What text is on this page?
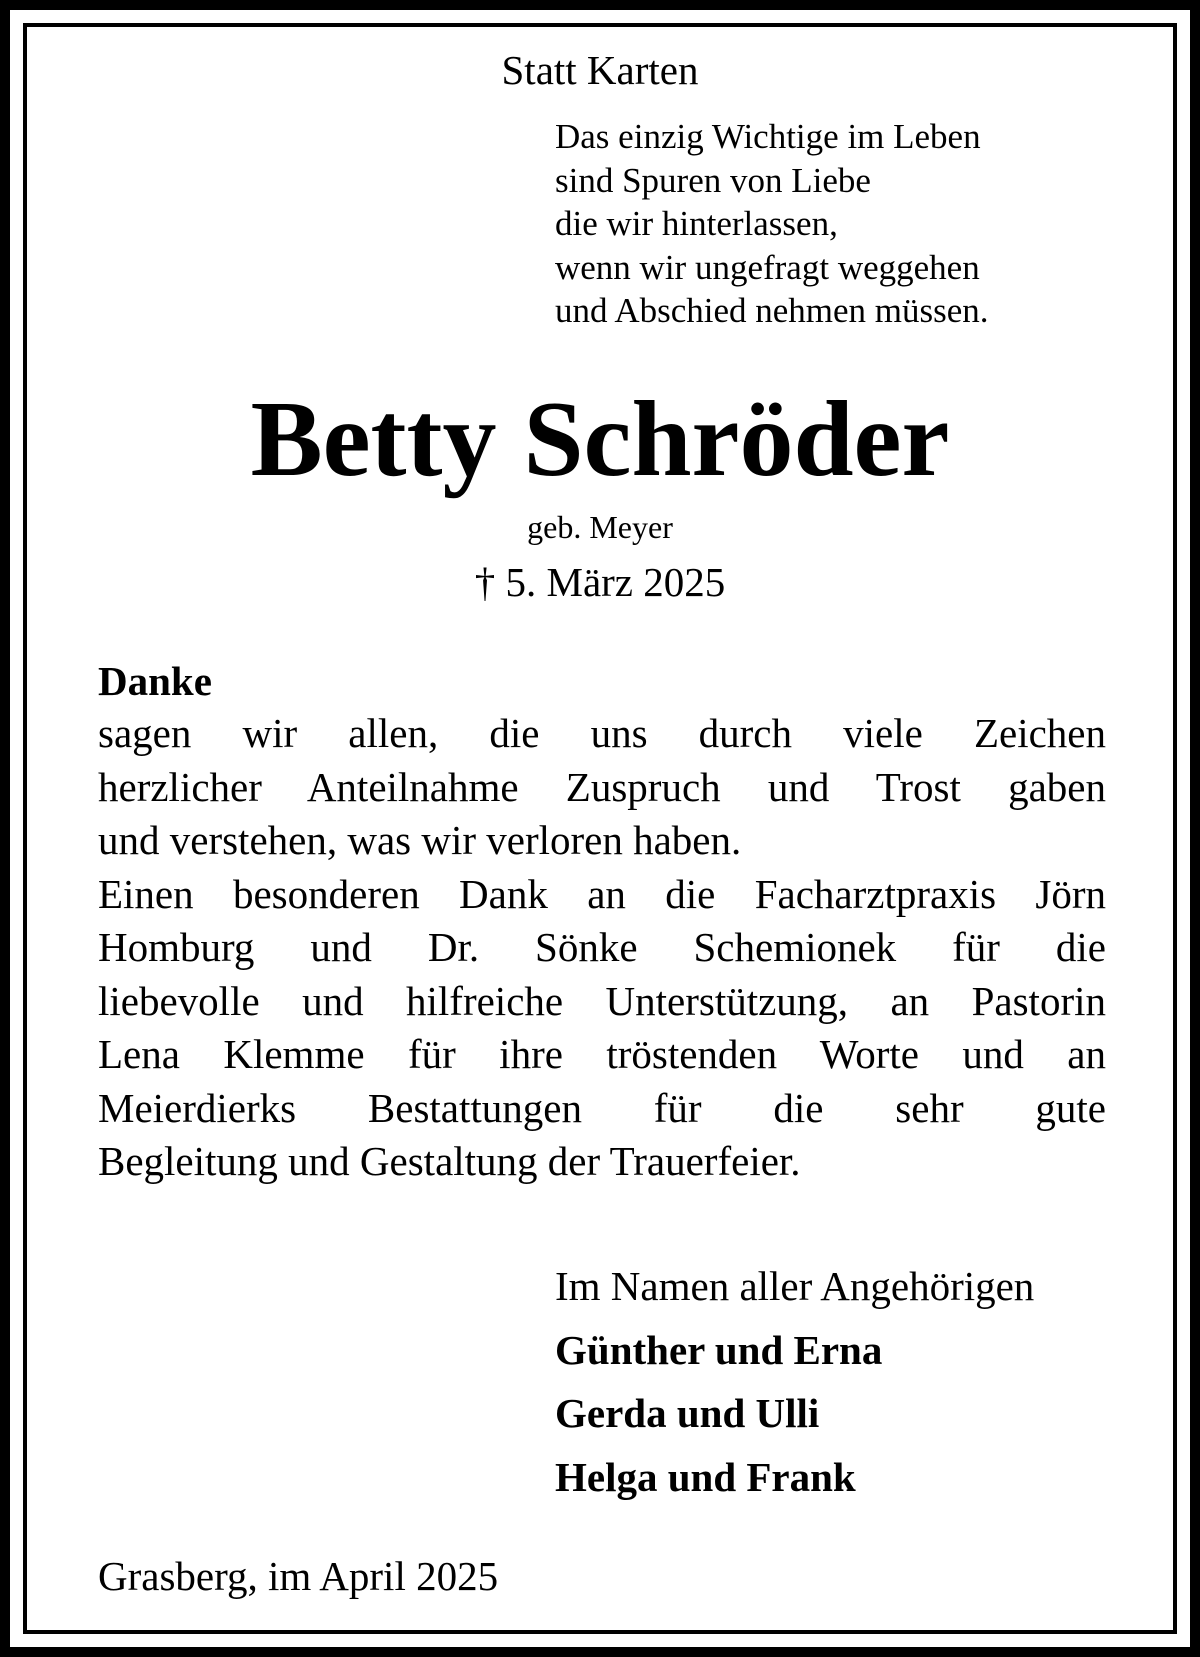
Statt Karten

Das einzig Wichtige im Leben
sind Spuren von Liebe
die wir hinterlassen,
wenn wir ungefragt weggehen
und Abschied nehmen müssen.
Betty Schröder

geb. Meyer

† 5. März 2025

Danke

sagen wir allen, die uns durch viele Zeichen
herzlicher Anteilnahme Zuspruch und Trost gaben
und verstehen, was wir verloren haben.
Einen besonderen Dank an die Facharztpraxis Jörn
Homburg und Dr. Sönke Schemionek für die
liebevolle und hilfreiche Unterstützung, an Pastorin
Lena Klemme für ihre tröstenden Worte und an
Meierdierks Bestattungen für die sehr gute
Begleitung und Gestaltung der Trauerfeier.

Im Namen aller Angehörigen

Günther und Erna

Gerda und Ulli

Helga und Frank

Grasberg, im April 2025
